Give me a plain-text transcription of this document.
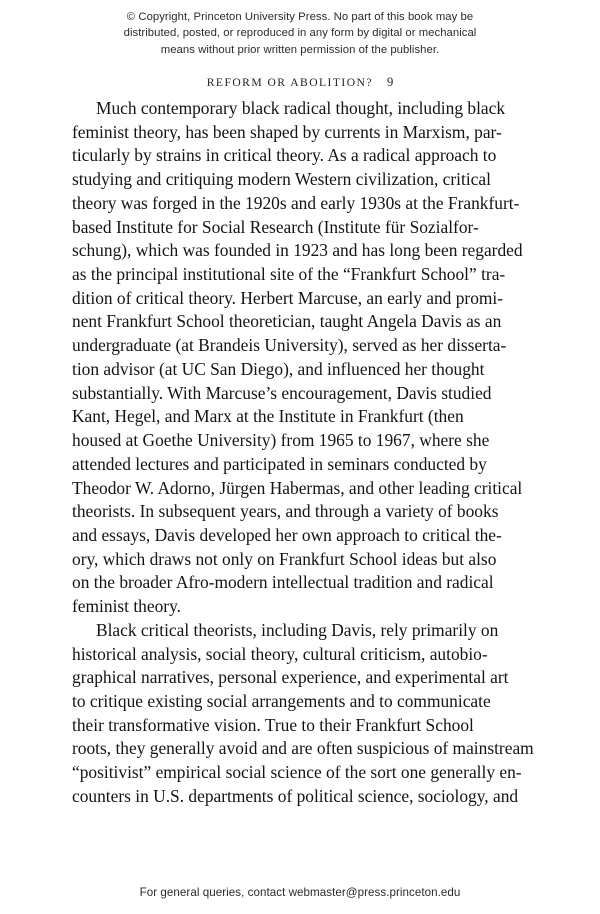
© Copyright, Princeton University Press. No part of this book may be
distributed, posted, or reproduced in any form by digital or mechanical
means without prior written permission of the publisher.
REFORM OR ABOLITION? 9

Much contemporary black radical thought, including black
feminist theory, has been shaped by currents in Marxism, par-
ticularly by strains in critical theory. As a radical approach to
studying and critiquing modern Western civilization, critical
theory was forged in the 1920s and early 1930s at the Frankfurt-
based Institute for Social Research (Institute für Sozialfor-
schung), which was founded in 1923 and has long been regarded
as the principal institutional site of the “Frankfurt School” tra-
dition of critical theory. Herbert Marcuse, an early and promi-
nent Frankfurt School theoretician, taught Angela Davis as an
undergraduate (at Brandeis University), served as her disserta-
tion advisor (at UC San Diego), and influenced her thought
substantially. With Marcuse’s encouragement, Davis studied
Kant, Hegel, and Marx at the Institute in Frankfurt (then
housed at Goethe University) from 1965 to 1967, where she
attended lectures and participated in seminars conducted by
Theodor W. Adorno, Jürgen Habermas, and other leading critical
theorists. In subsequent years, and through a variety of books
and essays, Davis developed her own approach to critical the-
ory, which draws not only on Frankfurt School ideas but also
on the broader Afro-modern intellectual tradition and radical
feminist theory.

Black critical theorists, including Davis, rely primarily on
historical analysis, social theory, cultural criticism, autobio-
graphical narratives, personal experience, and experimental art
to critique existing social arrangements and to communicate
their transformative vision. True to their Frankfurt School
roots, they generally avoid and are often suspicious of mainstream
“positivist” empirical social science of the sort one generally en-
counters in U.S. departments of political science, sociology, and

For general queries, contact webmaster@press.princeton.edu
